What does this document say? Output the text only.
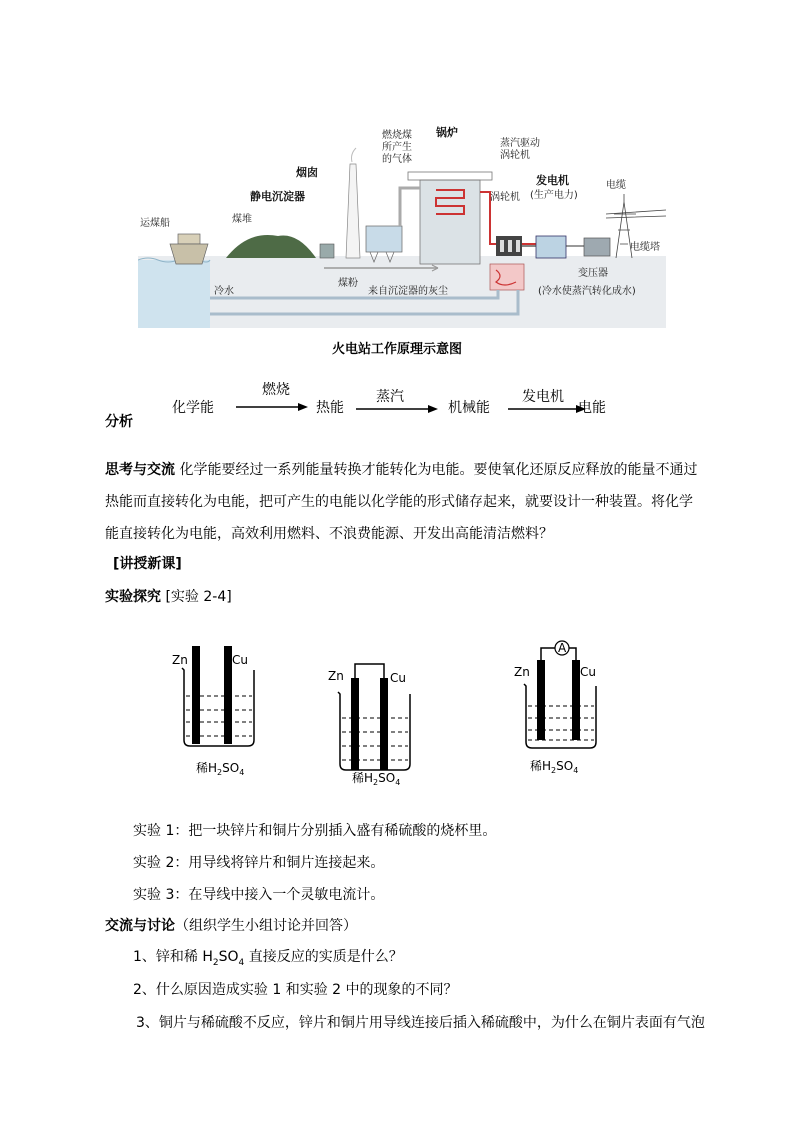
运煤船	煤堆
静电沉淀器
烟囱
燃烧煤
所产生
的气体
锅炉
蒸汽驱动
涡轮机
涡轮机
发电机
(生产电力)
电缆
电缆塔
变压器
冷水
煤粉
来自沉淀器的灰尘	(冷水使蒸汽转化成水)
火电站工作原理示意图
分析
化学能
燃烧
热能
蒸汽
机械能
发电机
电能
思考与交流 化学能要经过一系列能量转换才能转化为电能。要使氧化还原反应释放的能量不通过
热能而直接转化为电能，把可产生的电能以化学能的形式储存起来，就要设计一种装置。将化学
能直接转化为电能，高效利用燃料、不浪费能源、开发出高能清洁燃料？
[讲授新课]
实验探究 [实验 2-4]
Zn	Cu
稀$H_2SO_4$
Zn	Cu
稀$H_2SO_4$
A
Zn	Cu
稀$H_2SO_4$
实验 1：把一块锌片和铜片分别插入盛有稀硫酸的烧杯里。
实验 2：用导线将锌片和铜片连接起来。
实验 3：在导线中接入一个灵敏电流计。
交流与讨论（组织学生小组讨论并回答）
1、锌和稀 $H_2SO_4$ 直接反应的实质是什么？
2、什么原因造成实验 1 和实验 2 中的现象的不同？
3、铜片与稀硫酸不反应，锌片和铜片用导线连接后插入稀硫酸中，为什么在铜片表面有气泡
